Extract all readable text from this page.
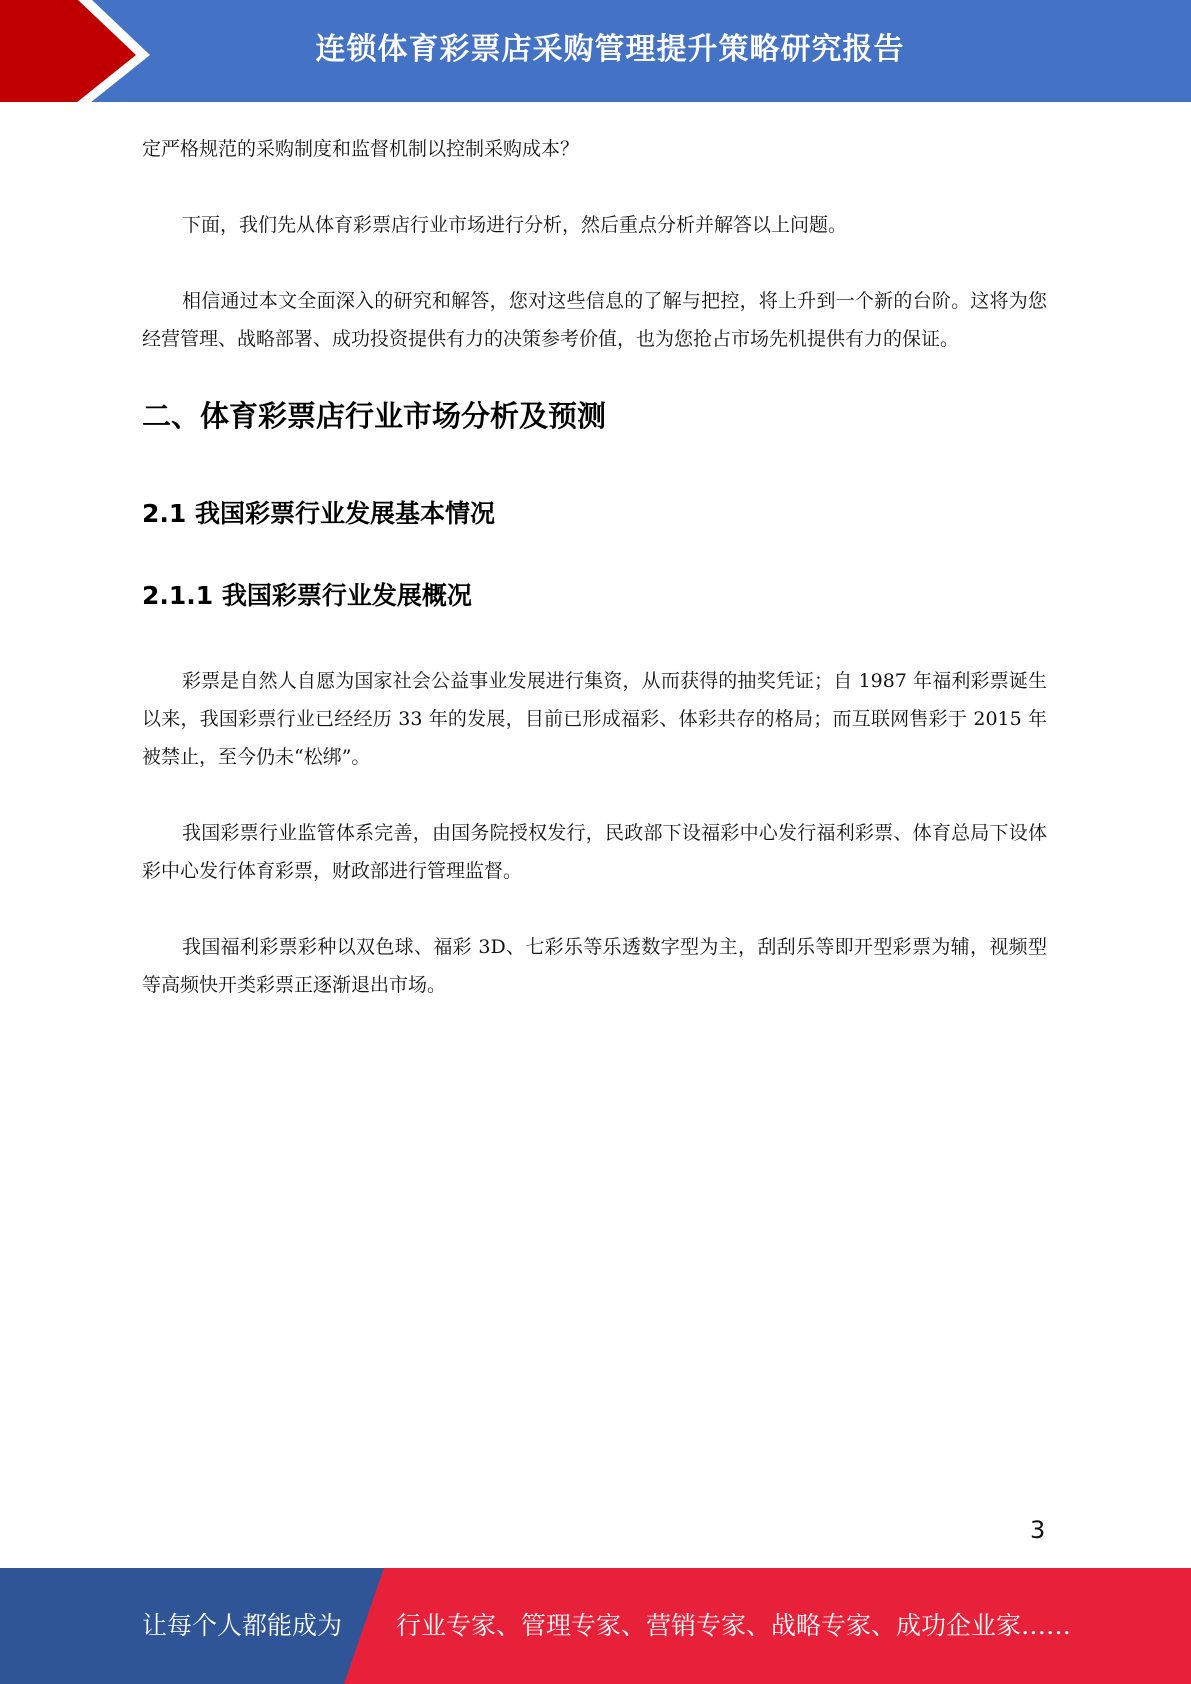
连锁体育彩票店采购管理提升策略研究报告

定严格规范的采购制度和监督机制以控制采购成本？

下面，我们先从体育彩票店行业市场进行分析，然后重点分析并解答以上问题。

相信通过本文全面深入的研究和解答，您对这些信息的了解与把控，将上升到一个新的台阶。这将为您经营管理、战略部署、成功投资提供有力的决策参考价值，也为您抢占市场先机提供有力的保证。

二、体育彩票店行业市场分析及预测
2.1 我国彩票行业发展基本情况
2.1.1 我国彩票行业发展概况

彩票是自然人自愿为国家社会公益事业发展进行集资，从而获得的抽奖凭证；自 1987 年福利彩票诞生以来，我国彩票行业已经经历 33 年的发展，目前已形成福彩、体彩共存的格局；而互联网售彩于 2015 年被禁止，至今仍未“松绑”。

我国彩票行业监管体系完善，由国务院授权发行，民政部下设福彩中心发行福利彩票、体育总局下设体彩中心发行体育彩票，财政部进行管理监督。

我国福利彩票彩种以双色球、福彩 3D、七彩乐等乐透数字型为主，刮刮乐等即开型彩票为辅，视频型等高频快开类彩票正逐渐退出市场。

3
让每个人都能成为 行业专家、管理专家、营销专家、战略专家、成功企业家……
